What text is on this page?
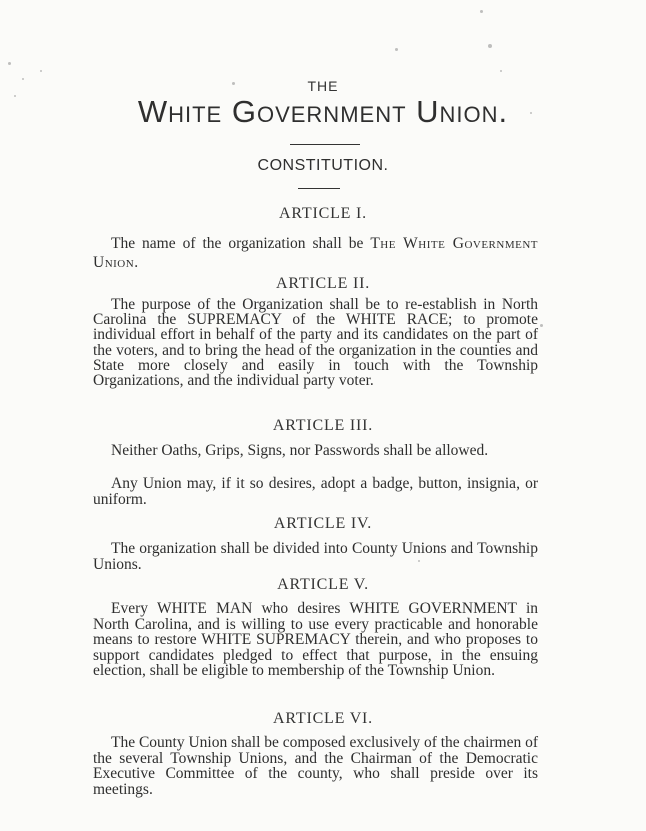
THE
White Government Union.
CONSTITUTION.
ARTICLE I.

The name of the organization shall be The White Government Union.

ARTICLE II.

The purpose of the Organization shall be to re-establish in North Carolina the SUPREMACY of the WHITE RACE; to promote individual effort in behalf of the party and its candidates on the part of the voters, and to bring the head of the organization in the counties and State more closely and easily in touch with the Township Organizations, and the individual party voter.

ARTICLE III.

Neither Oaths, Grips, Signs, nor Passwords shall be allowed.

Any Union may, if it so desires, adopt a badge, button, insignia, or uniform.

ARTICLE IV.

The organization shall be divided into County Unions and Township Unions.

ARTICLE V.

Every WHITE MAN who desires WHITE GOVERNMENT in North Carolina, and is willing to use every practicable and honorable means to restore WHITE SUPREMACY therein, and who proposes to support candidates pledged to effect that purpose, in the ensuing election, shall be eligible to membership of the Township Union.

ARTICLE VI.

The County Union shall be composed exclusively of the chairmen of the several Township Unions, and the Chairman of the Democratic Executive Committee of the county, who shall preside over its meetings.
